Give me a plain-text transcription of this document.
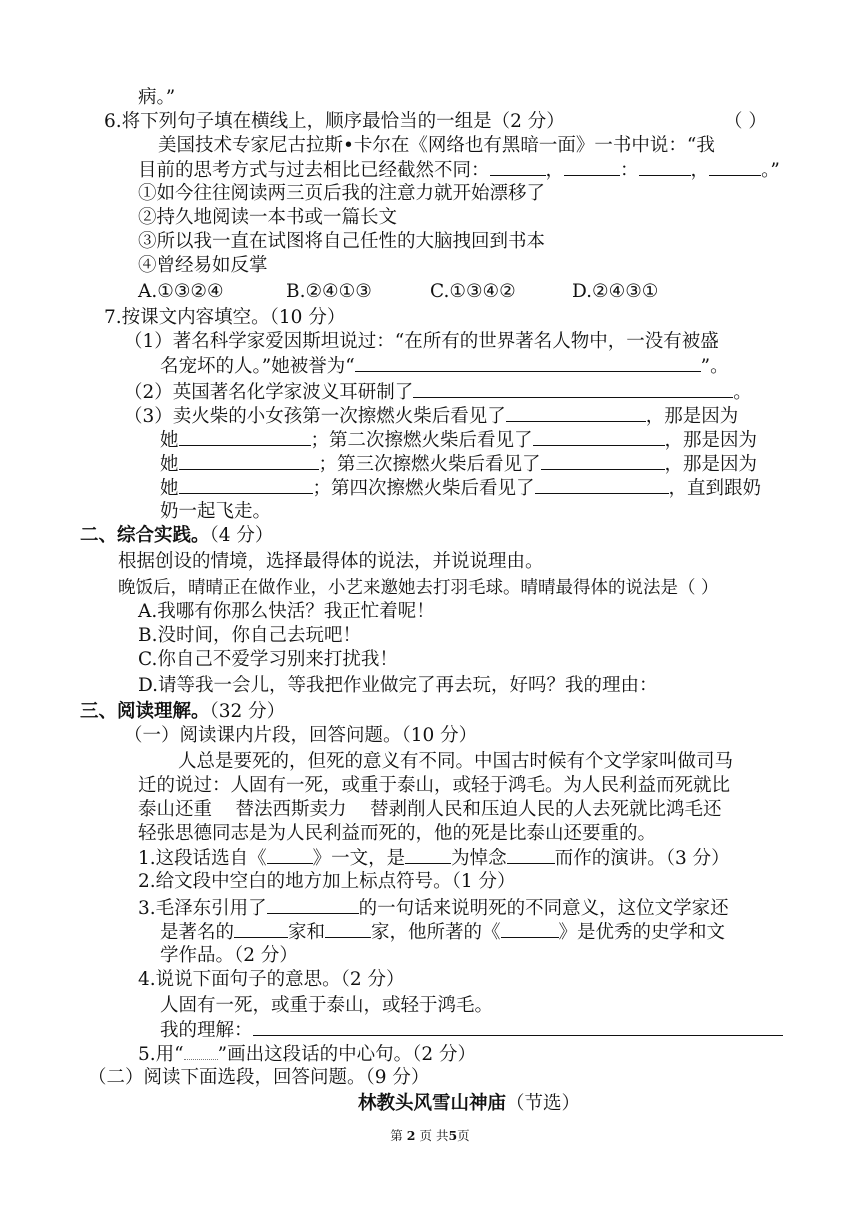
病。”
6.将下列句子填在横线上，顺序最恰当的一组是（2 分）	（ ）
美国技术专家尼古拉斯•卡尔在《网络也有黑暗一面》一书中说：“我
目前的思考方式与过去相比已经截然不同：	，	：	，	。”
①如今往往阅读两三页后我的注意力就开始漂移了
②持久地阅读一本书或一篇长文
③所以我一直在试图将自己任性的大脑拽回到书本
④曾经易如反掌
A.①③②④	B.②④①③	C.①③④②	D.②④③①
7.按课文内容填空。（10 分）
（1）著名科学家爱因斯坦说过：“在所有的世界著名人物中，一没有被盛
名宠坏的人。”她被誉为“	”。
（2）英国著名化学家波义耳研制了	。
（3）卖火柴的小女孩第一次擦燃火柴后看见了	，那是因为
她	；第二次擦燃火柴后看见了	，那是因为
她	；第三次擦燃火柴后看见了	，那是因为
她	；第四次擦燃火柴后看见了	，直到跟奶
奶一起飞走。
二、综合实践。（4 分）
根据创设的情境，选择最得体的说法，并说说理由。
晚饭后，晴晴正在做作业，小艺来邀她去打羽毛球。晴晴最得体的说法是（ ）
A.我哪有你那么快活？我正忙着呢！
B.没时间，你自己去玩吧！
C.你自己不爱学习别来打扰我！
D.请等我一会儿，等我把作业做完了再去玩，好吗？我的理由：
三、阅读理解。（32 分）
（一）阅读课内片段，回答问题。（10 分）
人总是要死的，但死的意义有不同。中国古时候有个文学家叫做司马
迁的说过：人固有一死，或重于泰山，或轻于鸿毛。为人民利益而死就比
泰山还重    替法西斯卖力    替剥削人民和压迫人民的人去死就比鸿毛还
轻张思德同志是为人民利益而死的，他的死是比泰山还要重的。
1.这段话选自《 》一文，是 为悼念	而作的演讲。（3 分）
2.给文段中空白的地方加上标点符号。（1 分）
3.毛泽东引用了	的一句话来说明死的不同意义，这位文学家还
是著名的	家和 家，他所著的《	》是优秀的史学和文
学作品。（2 分）
4.说说下面句子的意思。（2 分）
人固有一死，或重于泰山，或轻于鸿毛。
我的理解：
5.用“ ”画出这段话的中心句。（2 分）
（二）阅读下面选段，回答问题。（9 分）
林教头风雪山神庙（节选）
第 2 页 共5页
